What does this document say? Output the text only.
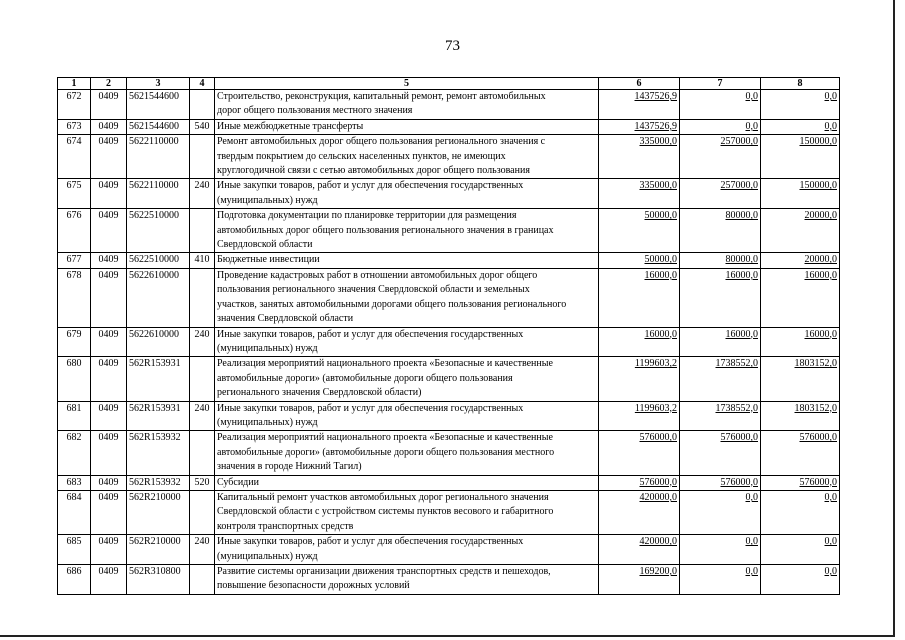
73
1	2	3	4	5	6	7	8
672	0409	5621544600		Строительство, реконструкция, капитальный ремонт, ремонт автомобильных
дорог общего пользования местного значения	1437526,9	0,0	0,0
673	0409	5621544600	540	Иные межбюджетные трансферты	1437526,9	0,0	0,0
674	0409	5622110000		Ремонт автомобильных дорог общего пользования регионального значения с
твердым покрытием до сельских населенных пунктов, не имеющих
круглогодичной связи с сетью автомобильных дорог общего пользования	335000,0	257000,0	150000,0
675	0409	5622110000	240	Иные закупки товаров, работ и услуг для обеспечения государственных
(муниципальных) нужд	335000,0	257000,0	150000,0
676	0409	5622510000		Подготовка документации по планировке территории для размещения
автомобильных дорог общего пользования регионального значения в границах
Свердловской области	50000,0	80000,0	20000,0
677	0409	5622510000	410	Бюджетные инвестиции	50000,0	80000,0	20000,0
678	0409	5622610000		Проведение кадастровых работ в отношении автомобильных дорог общего
пользования регионального значения Свердловской области и земельных
участков, занятых автомобильными дорогами общего пользования регионального
значения Свердловской области	16000,0	16000,0	16000,0
679	0409	5622610000	240	Иные закупки товаров, работ и услуг для обеспечения государственных
(муниципальных) нужд	16000,0	16000,0	16000,0
680	0409	562R153931		Реализация мероприятий национального проекта «Безопасные и качественные
автомобильные дороги» (автомобильные дороги общего пользования
регионального значения Свердловской области)	1199603,2	1738552,0	1803152,0
681	0409	562R153931	240	Иные закупки товаров, работ и услуг для обеспечения государственных
(муниципальных) нужд	1199603,2	1738552,0	1803152,0
682	0409	562R153932		Реализация мероприятий национального проекта «Безопасные и качественные
автомобильные дороги» (автомобильные дороги общего пользования местного
значения в городе Нижний Тагил)	576000,0	576000,0	576000,0
683	0409	562R153932	520	Субсидии	576000,0	576000,0	576000,0
684	0409	562R210000		Капитальный ремонт участков автомобильных дорог регионального значения
Свердловской области с устройством системы пунктов весового и габаритного
контроля транспортных средств	420000,0	0,0	0,0
685	0409	562R210000	240	Иные закупки товаров, работ и услуг для обеспечения государственных
(муниципальных) нужд	420000,0	0,0	0,0
686	0409	562R310800		Развитие системы организации движения транспортных средств и пешеходов,
повышение безопасности дорожных условий	169200,0	0,0	0,0
